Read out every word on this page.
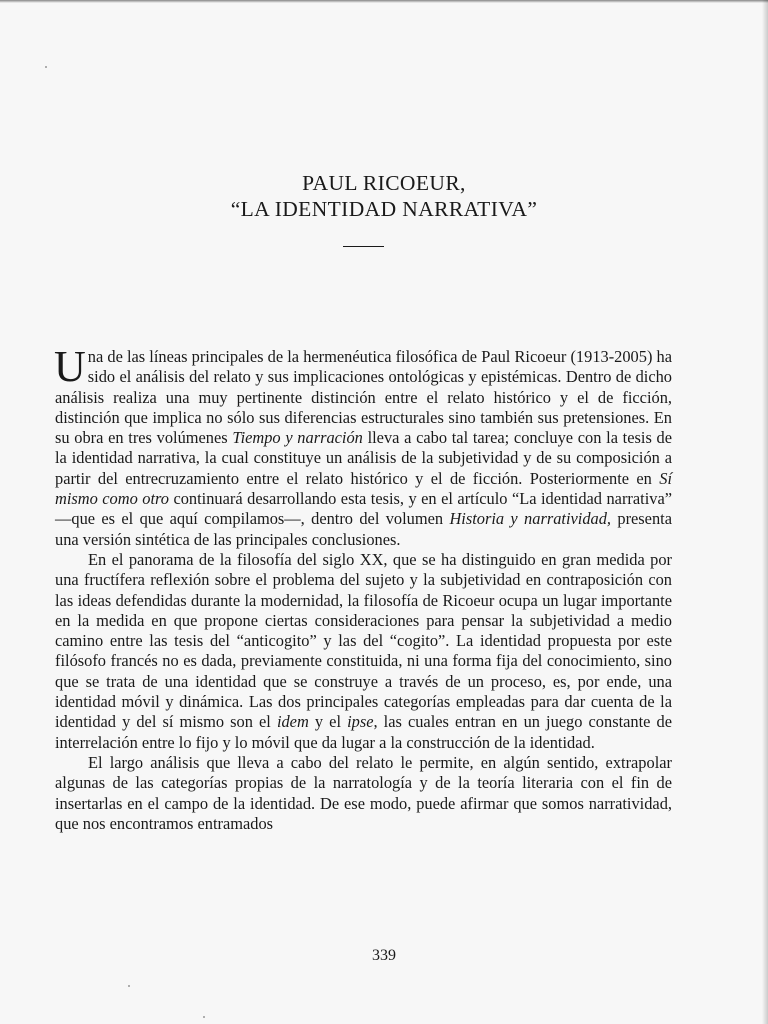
PAUL RICOEUR,
“LA IDENTIDAD NARRATIVA”

Una de las líneas principales de la hermenéutica filosófica de Paul Ricoeur (1913-2005) ha sido el análisis del relato y sus implicaciones ontológicas y epistémicas. Dentro de dicho análisis realiza una muy pertinente distinción entre el relato histórico y el de ficción, distinción que implica no sólo sus diferencias estructurales sino también sus pretensiones. En su obra en tres volúmenes Tiempo y narración lleva a cabo tal tarea; concluye con la tesis de la identidad narrativa, la cual constituye un análisis de la subjetividad y de su composición a partir del entrecruzamiento entre el relato histórico y el de ficción. Posteriormente en Sí mismo como otro continuará desarrollando esta tesis, y en el artículo “La identidad narrativa” —que es el que aquí compilamos—, dentro del volumen Historia y narratividad, presenta una versión sintética de las principales conclusiones.

En el panorama de la filosofía del siglo XX, que se ha distinguido en gran medida por una fructífera reflexión sobre el problema del sujeto y la subjetividad en contraposición con las ideas defendidas durante la modernidad, la filosofía de Ricoeur ocupa un lugar importante en la medida en que propone ciertas consideraciones para pensar la subjetividad a medio camino entre las tesis del “anticogito” y las del “cogito”. La identidad propuesta por este filósofo francés no es dada, previamente constituida, ni una forma fija del conocimiento, sino que se trata de una identidad que se construye a través de un proceso, es, por ende, una identidad móvil y dinámica. Las dos principales categorías empleadas para dar cuenta de la identidad y del sí mismo son el idem y el ipse, las cuales entran en un juego constante de interrelación entre lo fijo y lo móvil que da lugar a la construcción de la identidad.

El largo análisis que lleva a cabo del relato le permite, en algún sentido, extrapolar algunas de las categorías propias de la narratología y de la teoría literaria con el fin de insertarlas en el campo de la identidad. De ese modo, puede afirmar que somos narratividad, que nos encontramos entramados

339
